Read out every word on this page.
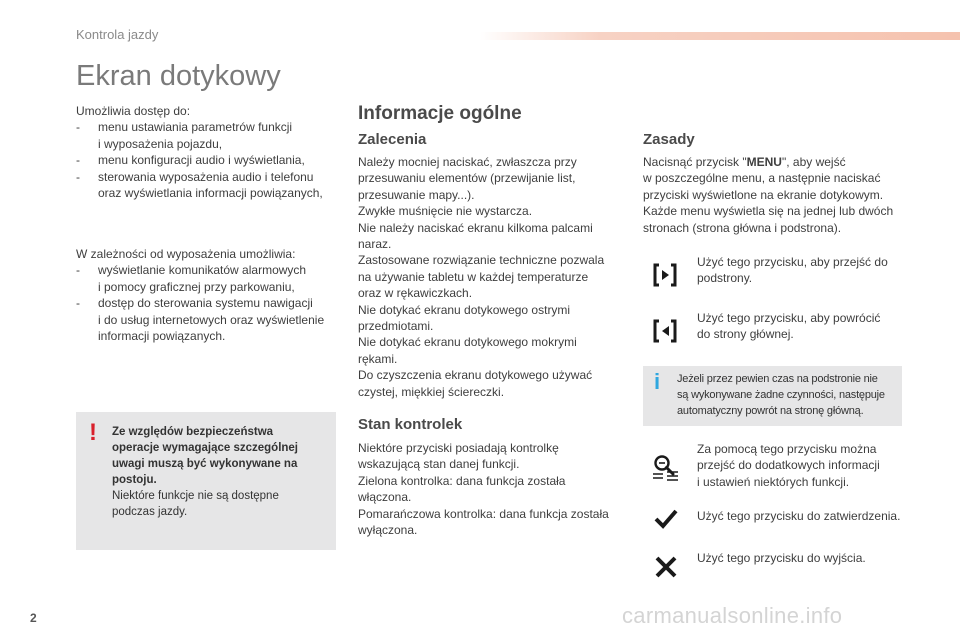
Kontrola jazdy
Ekran dotykowy
Umożliwia dostęp do:
- menu ustawiania parametrów funkcji
i wyposażenia pojazdu,
- menu konfiguracji audio i wyświetlania,
- sterowania wyposażenia audio i telefonu
oraz wyświetlania informacji powiązanych,
W zależności od wyposażenia umożliwia:
- wyświetlanie komunikatów alarmowych
i pomocy graficznej przy parkowaniu,
- dostęp do sterowania systemu nawigacji
i do usług internetowych oraz wyświetlenie
informacji powiązanych.
! Ze względów bezpieczeństwa
operacje wymagające szczególnej
uwagi muszą być wykonywane na
postoju.
Niektóre funkcje nie są dostępne
podczas jazdy.
Informacje ogólne
Zalecenia
Należy mocniej naciskać, zwłaszcza przy
przesuwaniu elementów (przewijanie list,
przesuwanie mapy...).
Zwykłe muśnięcie nie wystarcza.
Nie należy naciskać ekranu kilkoma palcami
naraz.
Zastosowane rozwiązanie techniczne pozwala
na używanie tabletu w każdej temperaturze
oraz w rękawiczkach.
Nie dotykać ekranu dotykowego ostrymi
przedmiotami.
Nie dotykać ekranu dotykowego mokrymi
rękami.
Do czyszczenia ekranu dotykowego używać
czystej, miękkiej ściereczki.
Stan kontrolek
Niektóre przyciski posiadają kontrolkę
wskazującą stan danej funkcji.
Zielona kontrolka: dana funkcja została
włączona.
Pomarańczowa kontrolka: dana funkcja została
wyłączona.
Zasady
Nacisnąć przycisk "MENU", aby wejść
w poszczególne menu, a następnie naciskać
przyciski wyświetlone na ekranie dotykowym.
Każde menu wyświetla się na jednej lub dwóch
stronach (strona główna i podstrona).
Użyć tego przycisku, aby przejść do
podstrony.
Użyć tego przycisku, aby powrócić
do strony głównej.
i	Jeżeli przez pewien czas na podstronie nie
są wykonywane żadne czynności, następuje
automatyczny powrót na stronę główną.
Za pomocą tego przycisku można
przejść do dodatkowych informacji
i ustawień niektórych funkcji.
Użyć tego przycisku do zatwierdzenia.
Użyć tego przycisku do wyjścia.
2	carmanualsonline.info
